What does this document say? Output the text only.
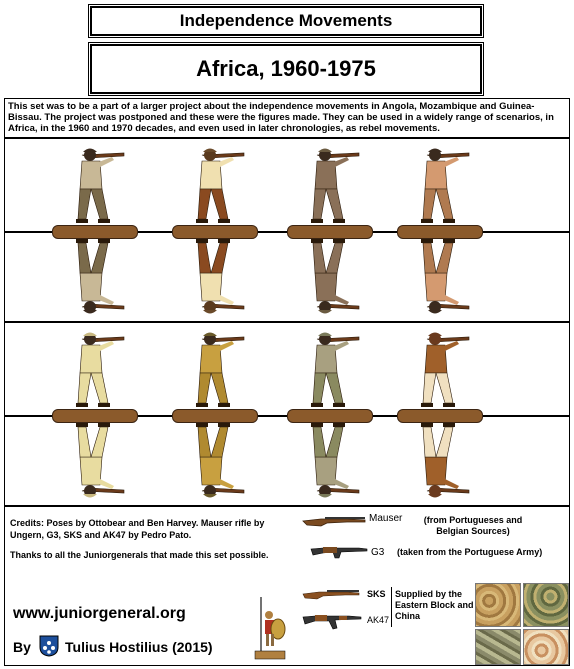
Independence Movements
Africa, 1960-1975
This set was to be a part of a larger project about the independence movements in Angola, Mozambique and Guinea-Bissau. The project was postponed and these were the figures made. They can be used in a widely range of scenarios, in Africa, in the 1960 and 1970 decades, and even used in later chronologies, as rebel movements.
Credits: Poses by Ottobear and Ben Harvey. Mauser rifle by Ungern, G3, SKS and AK47 by Pedro Pato.
Thanks to all the Juniorgenerals that made this set possible.
www.juniorgeneral.org
By Tulius Hostilius (2015)
Mauser	(from Portugueses and Belgian Sources)
G3 (taken from the Portuguese Army)
SKS
AK47
Supplied by the Eastern Block and China
